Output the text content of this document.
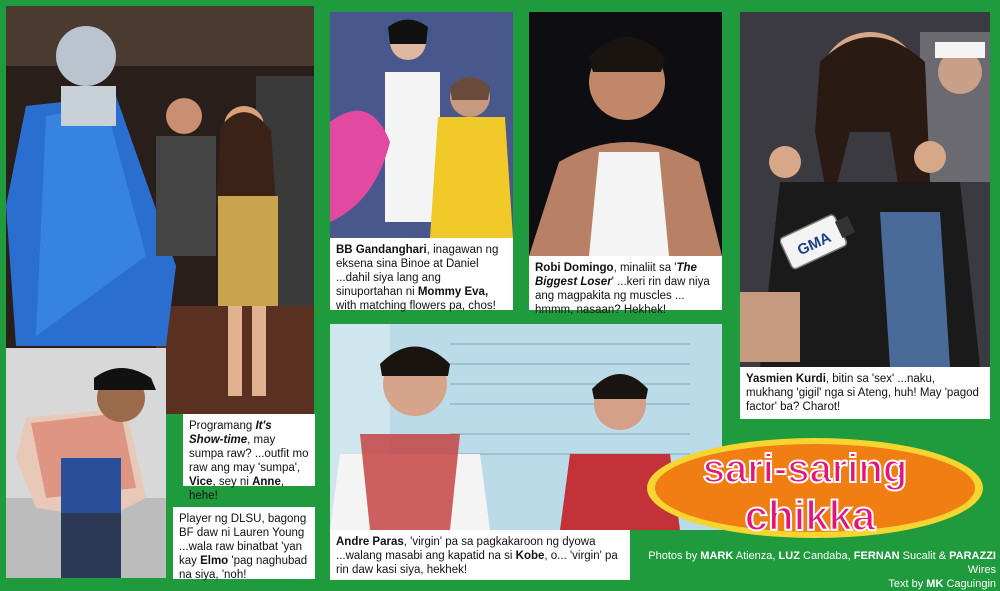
Programang It's Show-time, may sumpa raw? ...outfit mo raw ang may 'sumpa', Vice, sey ni Anne, hehe!
Player ng DLSU, bagong BF daw ni Lauren Young ...wala raw binatbat 'yan kay Elmo 'pag naghubad na siya, 'noh!
BB Gandanghari, inagawan ng eksena sina Binoe at Daniel ...dahil siya lang ang sinuportahan ni Mommy Eva, with matching flowers pa, chos!
Robi Domingo, minaliit sa 'The Biggest Loser' ...keri rin daw niya ang magpakita ng muscles ... hmmm, nasaan? Hekhek!
GMA
Yasmien Kurdi, bitin sa 'sex' ...naku, mukhang 'gigil' nga si Ateng, huh! May 'pagod factor' ba? Charot!
Andre Paras, 'virgin' pa sa pagkakaroon ng dyowa ...walang masabi ang kapatid na si Kobe, o... 'virgin' pa rin daw kasi siya, hekhek!
sari-saring
chikka
Photos by MARK Atienza, LUZ Candaba, FERNAN Sucalit & PARAZZI Wires
Text by MK Caguingin
